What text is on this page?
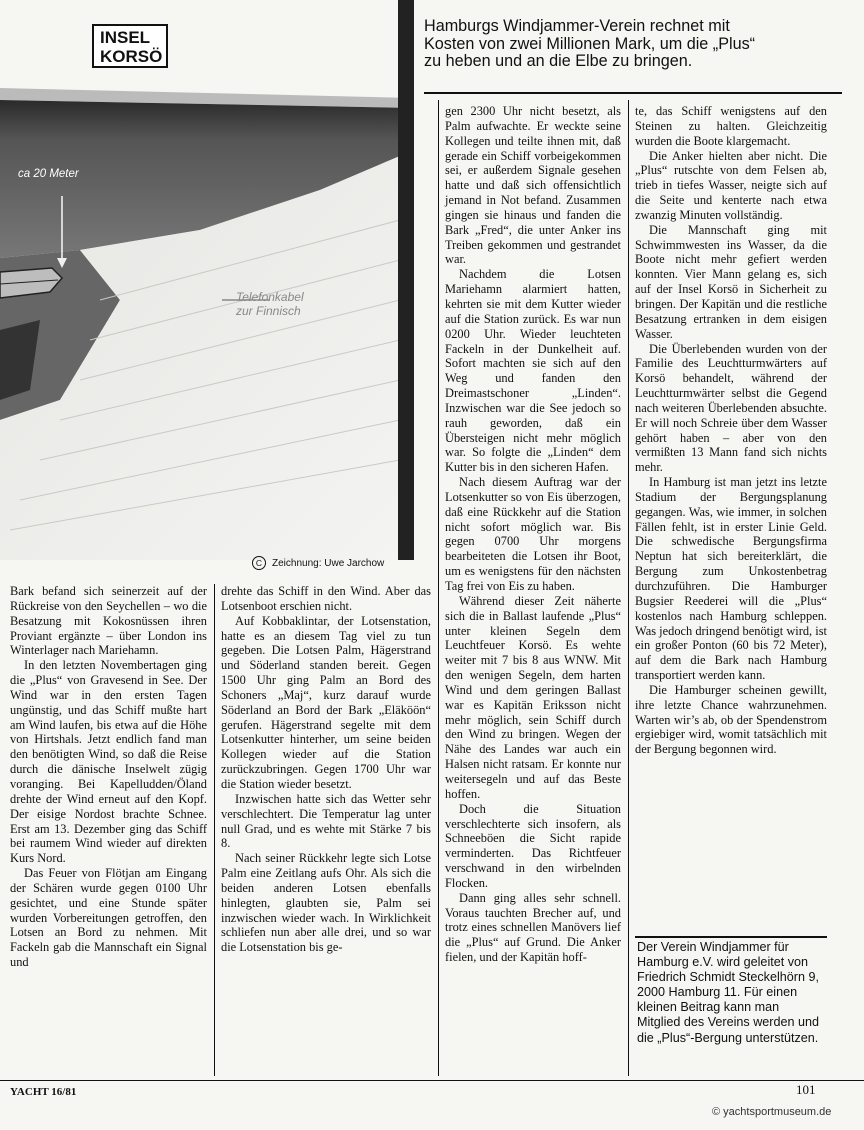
ca 20 Meter
Telefonkabel
zur Finnisch
C Zeichnung: Uwe Jarchow
INSEL
KORSÖ
Hamburgs Windjammer-Verein rechnet mit
Kosten von zwei Millionen Mark, um die „Plus“
zu heben und an die Elbe zu bringen.

Bark befand sich seinerzeit auf der Rückreise von den Seychellen – wo die Besatzung mit Kokosnüssen ihren Proviant ergänzte – über London ins Winterlager nach Mariehamn.

In den letzten Novembertagen ging die „Plus“ von Gravesend in See. Der Wind war in den ersten Tagen ungünstig, und das Schiff mußte hart am Wind laufen, bis etwa auf die Höhe von Hirtshals. Jetzt endlich fand man den benötigten Wind, so daß die Reise durch die dänische Inselwelt zügig voranging. Bei Kapelludden/Öland drehte der Wind erneut auf den Kopf. Der eisige Nordost brachte Schnee. Erst am 13. Dezember ging das Schiff bei raumem Wind wieder auf direkten Kurs Nord.

Das Feuer von Flötjan am Eingang der Schären wurde gegen 0100 Uhr gesichtet, und eine Stunde später wurden Vorbereitungen getroffen, den Lotsen an Bord zu nehmen. Mit Fackeln gab die Mannschaft ein Signal und

drehte das Schiff in den Wind. Aber das Lotsenboot erschien nicht.

Auf Kobbaklintar, der Lotsenstation, hatte es an diesem Tag viel zu tun gegeben. Die Lotsen Palm, Hägerstrand und Söderland standen bereit. Gegen 1500 Uhr ging Palm an Bord des Schoners „Maj“, kurz darauf wurde Söderland an Bord der Bark „Eläköön“ gerufen. Hägerstrand segelte mit dem Lotsenkutter hinterher, um seine beiden Kollegen wieder auf die Station zurückzubringen. Gegen 1700 Uhr war die Station wieder besetzt.

Inzwischen hatte sich das Wetter sehr verschlechtert. Die Temperatur lag unter null Grad, und es wehte mit Stärke 7 bis 8.

Nach seiner Rückkehr legte sich Lotse Palm eine Zeitlang aufs Ohr. Als sich die beiden anderen Lotsen ebenfalls hinlegten, glaubten sie, Palm sei inzwischen wieder wach. In Wirklichkeit schliefen nun aber alle drei, und so war die Lotsenstation bis ge-

gen 2300 Uhr nicht besetzt, als Palm aufwachte. Er weckte seine Kollegen und teilte ihnen mit, daß gerade ein Schiff vorbeigekommen sei, er außerdem Signale gesehen hatte und daß sich offensichtlich jemand in Not befand. Zusammen gingen sie hinaus und fanden die Bark „Fred“, die unter Anker ins Treiben gekommen und gestrandet war.

Nachdem die Lotsen Mariehamn alarmiert hatten, kehrten sie mit dem Kutter wieder auf die Station zurück. Es war nun 0200 Uhr. Wieder leuchteten Fackeln in der Dunkelheit auf. Sofort machten sie sich auf den Weg und fanden den Dreimastschoner „Linden“. Inzwischen war die See jedoch so rauh geworden, daß ein Übersteigen nicht mehr möglich war. So folgte die „Linden“ dem Kutter bis in den sicheren Hafen.

Nach diesem Auftrag war der Lotsenkutter so von Eis überzogen, daß eine Rückkehr auf die Station nicht sofort möglich war. Bis gegen 0700 Uhr morgens bearbeiteten die Lotsen ihr Boot, um es wenigstens für den nächsten Tag frei von Eis zu haben.

Während dieser Zeit näherte sich die in Ballast laufende „Plus“ unter kleinen Segeln dem Leuchtfeuer Korsö. Es wehte weiter mit 7 bis 8 aus WNW. Mit den wenigen Segeln, dem harten Wind und dem geringen Ballast war es Kapitän Eriksson nicht mehr möglich, sein Schiff durch den Wind zu bringen. Wegen der Nähe des Landes war auch ein Halsen nicht ratsam. Er konnte nur weitersegeln und auf das Beste hoffen.

Doch die Situation verschlechterte sich insofern, als Schneeböen die Sicht rapide verminderten. Das Richtfeuer verschwand in den wirbelnden Flocken.

Dann ging alles sehr schnell. Voraus tauchten Brecher auf, und trotz eines schnellen Manövers lief die „Plus“ auf Grund. Die Anker fielen, und der Kapitän hoff-

te, das Schiff wenigstens auf den Steinen zu halten. Gleichzeitig wurden die Boote klargemacht.

Die Anker hielten aber nicht. Die „Plus“ rutschte von dem Felsen ab, trieb in tiefes Wasser, neigte sich auf die Seite und kenterte nach etwa zwanzig Minuten vollständig.

Die Mannschaft ging mit Schwimmwesten ins Wasser, da die Boote nicht mehr gefiert werden konnten. Vier Mann gelang es, sich auf der Insel Korsö in Sicherheit zu bringen. Der Kapitän und die restliche Besatzung ertranken in dem eisigen Wasser.

Die Überlebenden wurden von der Familie des Leuchtturmwärters auf Korsö behandelt, während der Leuchtturmwärter selbst die Gegend nach weiteren Überlebenden absuchte. Er will noch Schreie über dem Wasser gehört haben – aber von den vermißten 13 Mann fand sich nichts mehr.

In Hamburg ist man jetzt ins letzte Stadium der Bergungsplanung gegangen. Was, wie immer, in solchen Fällen fehlt, ist in erster Linie Geld. Die schwedische Bergungsfirma Neptun hat sich bereiterklärt, die Bergung zum Unkostenbetrag durchzuführen. Die Hamburger Bugsier Reederei will die „Plus“ kostenlos nach Hamburg schleppen. Was jedoch dringend benötigt wird, ist ein großer Ponton (60 bis 72 Meter), auf dem die Bark nach Hamburg transportiert werden kann.

Die Hamburger scheinen gewillt, ihre letzte Chance wahrzunehmen. Warten wir’s ab, ob der Spendenstrom ergiebiger wird, womit tatsächlich mit der Bergung begonnen wird.

Der Verein Windjammer für Hamburg e.V. wird geleitet von Friedrich Schmidt Steckelhörn 9, 2000 Hamburg 11. Für einen kleinen Beitrag kann man Mitglied des Vereins werden und die „Plus“-Bergung unterstützen.
YACHT 16/81	101
© yachtsportmuseum.de
